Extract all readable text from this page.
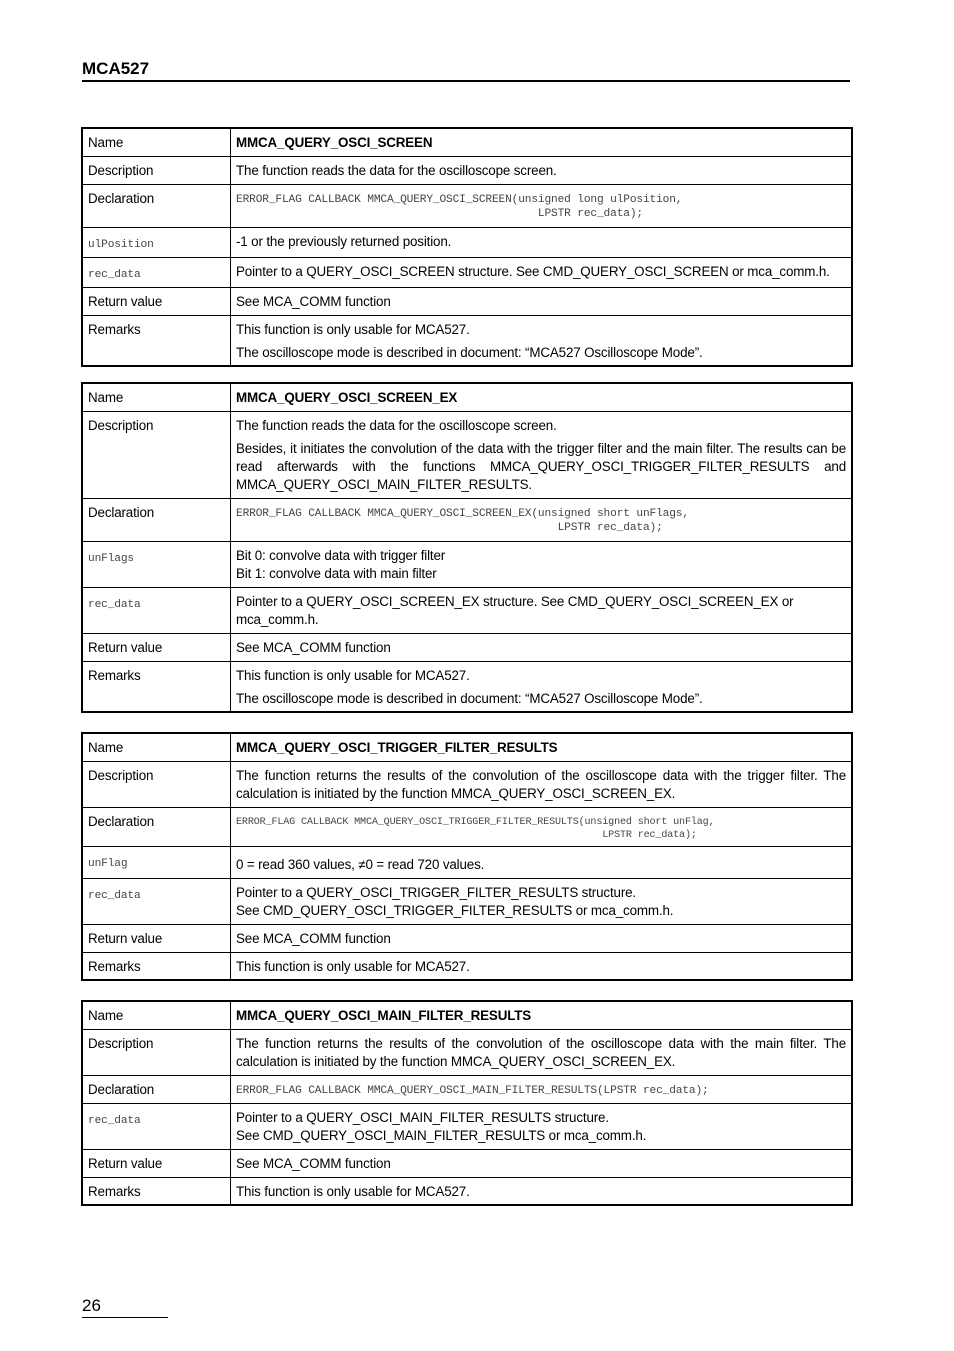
MCA527
Name	MMCA_QUERY_OSCI_SCREEN
Description	The function reads the data for the oscilloscope screen.
Declaration	ERROR_FLAG CALLBACK MMCA_QUERY_OSCI_SCREEN(unsigned long ulPosition,
LPSTR rec_data);

ulPosition	-1 or the previously returned position.

rec_data	Pointer to a QUERY_OSCI_SCREEN structure. See CMD_QUERY_OSCI_SCREEN or mca_comm.h.
Return value	See MCA_COMM function
Remarks	This function is only usable for MCA527.
The oscilloscope mode is described in document: “MCA527 Oscilloscope Mode”.
Name	MMCA_QUERY_OSCI_SCREEN_EX
Description	The function reads the data for the oscilloscope screen.
Besides, it initiates the convolution of the data with the trigger filter and the main filter. The results can be read afterwards with the functions MMCA_QUERY_OSCI_TRIGGER_FILTER_RESULTS and MMCA_QUERY_OSCI_MAIN_FILTER_RESULTS.

Declaration	ERROR_FLAG CALLBACK MMCA_QUERY_OSCI_SCREEN_EX(unsigned short unFlags,
LPSTR rec_data);

unFlags	Bit 0: convolve data with trigger filter
Bit 1: convolve data with main filter

rec_data	Pointer to a QUERY_OSCI_SCREEN_EX structure. See CMD_QUERY_OSCI_SCREEN_EX or
mca_comm.h.

Return value	See MCA_COMM function
Remarks	This function is only usable for MCA527.
The oscilloscope mode is described in document: “MCA527 Oscilloscope Mode”.
Name	MMCA_QUERY_OSCI_TRIGGER_FILTER_RESULTS
Description	The function returns the results of the convolution of the oscilloscope data with the trigger filter. The calculation is initiated by the function MMCA_QUERY_OSCI_SCREEN_EX.
Declaration	ERROR_FLAG CALLBACK MMCA_QUERY_OSCI_TRIGGER_FILTER_RESULTS(unsigned short unFlag,
LPSTR rec_data);

unFlag	0 = read 360 values, ≠0 = read 720 values.

rec_data	Pointer to a QUERY_OSCI_TRIGGER_FILTER_RESULTS structure.
See CMD_QUERY_OSCI_TRIGGER_FILTER_RESULTS or mca_comm.h.

Return value	See MCA_COMM function
Remarks	This function is only usable for MCA527.
Name	MMCA_QUERY_OSCI_MAIN_FILTER_RESULTS
Description	The function returns the results of the convolution of the oscilloscope data with the main filter. The calculation is initiated by the function MMCA_QUERY_OSCI_SCREEN_EX.
Declaration	ERROR_FLAG CALLBACK MMCA_QUERY_OSCI_MAIN_FILTER_RESULTS(LPSTR rec_data);

rec_data	Pointer to a QUERY_OSCI_MAIN_FILTER_RESULTS structure.
See CMD_QUERY_OSCI_MAIN_FILTER_RESULTS or mca_comm.h.

Return value	See MCA_COMM function
Remarks	This function is only usable for MCA527.
26
